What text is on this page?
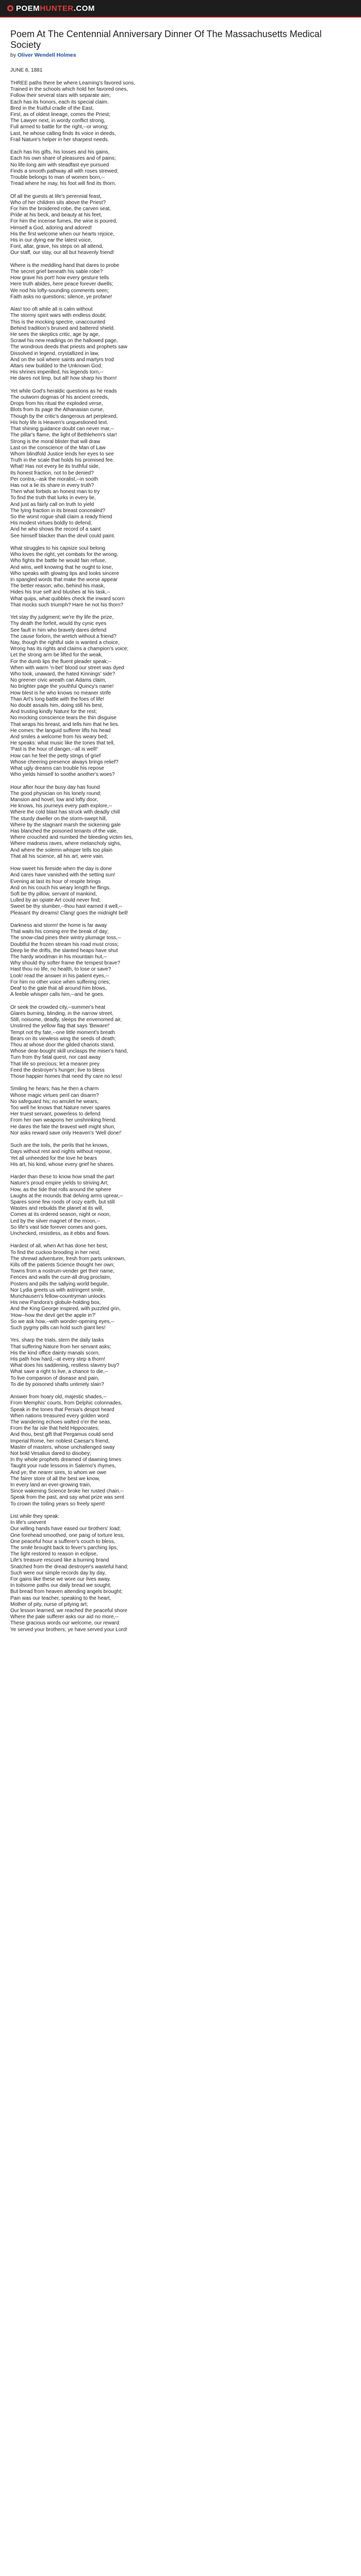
POEMHUNTER.COM
Poem At The Centennial Anniversary Dinner Of The Massachusetts Medical Society
by Oliver Wendell Holmes
JUNE 8, 1881
THREE paths there be where Learning's favored sons,
Trained in the schools which hold her favored ones,
Follow their several stars with separate aim;
Each has its honors, each its special claim.
Bred in the fruitful cradle of the East,
First, as of oldest lineage, comes the Priest;
The Lawyer next, in wordy conflict strong,
Full armed to battle for the right,--or wrong;
Last, he whose calling finds its voice in deeds,
Frail Nature's helper in her sharpest needs.
Each has his gifts, his losses and his gains,
Each his own share of pleasures and of pains;
No life-long aim with steadfast eye pursued
Finds a smooth pathway all with roses strewed;
Trouble belongs to man of women born,--
Tread where he may, his foot will find its thorn.
Of all the guests at life's perennial feast,
Who of her children sits above the Priest?
For him the broidered robe, the carven seat,
Pride at his beck, and beauty at his feet,
For him the incense fumes, the wine is poured,
Himself a God, adoring and adored!
His the first welcome when our hearts rejoice,
His in our dying ear the latest voice,
Font, altar, grave, his steps on all attend,
Our staff, our stay, our all but heavenly friend!
Where is the meddling hand that dares to probe
The secret grief beneath his sable robe?
How grave his port! how every gesture tells
Here truth abides, here peace forever dwells;
We nod his lofty-sounding comments seen;
Faith asks no questions; silence, ye profane!
Alas! too oft while all is calm without
The stormy spirit wars with endless doubt;
This is the mocking spectre, unaccounted
Behind tradition's bruised and battered shield.
He sees the skeptics critic, age by age,
Scrawl his new readings on the hallowed page,
The wondrous deeds that priests and prophets saw
Dissolved in legend, crystallized in law,
And on the soil where saints and martyrs trod
Altars new builded to the Unknown God;
His shrines imperilled, his legends torn,--
He dares not limp, but all! how sharp his thorn!
Yet while God's heraldic questions as he reads
The outworn dogmas of his ancient creeds,
Drops from his ritual the exploded verse,
Blots from its page the Athanasian curse,
Though by the critic's dangerous art perplexed,
His holy life is Heaven's unquestioned text.
That shining guidance doubt can never mar,--
The pillar's flame, the light of Bethlehem's star!
Strong is the moral blister that will draw
Last on the conscience of the Man of Law
Whom blindfold Justice lends her eyes to see
Truth in the scale that holds his promised fee.
What! Has not every lie its truthful side,
Its honest fraction, not to be denied?
Per contra,--ask the moralist,--in sooth
Has not a lie its share in every truth?
Then what forbids an honest man to try
To find the truth that lurks in every lie,
And just as fairly call on truth to yield
The lying fraction in its breast concealed?
So the worst rogue shall claim a ready friend
His modest virtues boldly to defend,
And he who shows the record of a saint
See himself blacker than the devil could paint.
What struggles to his capsize soul belong
Who loves the right, yet combats for the wrong,
Who fights the battle he would fain refuse,
And wins, well knowing that he ought to lose,
Who speaks with glowing lips and looks sincere
In spangled words that make the worse appear
The better reason; who, behind his mask,
Hides his true self and blushes at his task,--
What quips, what quibbles check the inward scorn
That mocks such triumph? Hare he not his thorn?
Yet stay thy judgment; we're thy life the prize,
Thy death the forfeit, would thy cynic eyes
See fault in him who bravely dares defend
The cause forlorn, the wretch without a friend?
Nay, though the rightful side is wanted a choice,
Wrong has its rights and claims a champion's voice;
Let the strong arm be lifted for the weak,
For the dumb lips the fluent pleader speak;--
When with warm 'n-bet' blood our street was dyed
Who took, unaward, the hated Kinnings' side?
No greener civic wreath can Adams claim,
No brighter page the youthful Quincy's name!
How blest is he who knows no meaner strife
Than Art's long battle with the foes of life!
No doubt assails him, doing still his best,
And trusting kindly Nature for the rest;
No mocking conscience tears the thin disguise
That wraps his breast, and tells him that he lies.
He comes: the languid sufferer lifts his head
And smiles a welcome from his weary bed;
He speaks: what music like the tones that tell,
'Past is the hour of danger,--all is well!'
How can he feel the petty stings of grief
Whose cheering presence always brings relief?
What ugly dreams can trouble his repose
Who yields himself to soothe another's woes?
Hour after hour the busy day has found
The good physician on his lonely round;
Mansion and hovel, low and lofty door,
He knows, his journeys every path explore,--
Where the cold blast has struck with deadly chill
The sturdy dweller on the storm-swept hill,
Where by the stagnant marsh the sickening gale
Has blanched the poisoned tenants of the vale,
Where crouched and numbed the bleeding victim lies,
Where madness raves, where melancholy sighs,
And where the solemn whisper tells too plain
That all his science, all his art, were vain.
How sweet his fireside when the day is done
And cares have vanished with the setting sun!
Evening at last its hour of respite brings
And on his couch his weary length he flings.
Soft be thy pillow, servant of mankind,
Lulled by an opiate Art could never find;
Sweet be thy slumber,--thou hast earned it well,--
Pleasant thy dreams! Clang! goes the midnight bell!
Darkness and storm! the home is far away
That waits his coming ere the break of day;
The snow-clad pines their wintry plumage toss,--
Doubtful the frozen stream his road must cross;
Deep lie the drifts, the slanted heaps have shut
The hardy woodman in his mountain hut,--
Why should thy softer frame the tempest brave?
Hast thou no life, no health, to lose or save?
Look! read the answer in his patient eyes,--
For him no other voice when suffering cries;
Deaf to the gale that all around him blows,
A feeble whisper calls him,--and he goes.
Or seek the crowded city,--summer's heat
Glares burning, blinding, in the narrow street,
Still, noisome, deadly, sleeps the envenomed air,
Unstirred the yellow flag that says 'Beware!'
Tempt not thy fate,--one little moment's breath
Bears on its viewless wing the seeds of death;
Thou at whose door the gilded chariots stand,
Whose dear-bought skill unclasps the miser's hand,
Turn from thy fatal quest, nor cast away
That life so precious; let a meaner prey
Feed the destroyer's hunger; live to bless
Those happier homes that need thy care no less!
Smiling he hears; has he then a charm
Whose magic virtues peril can disarm?
No safeguard his; no amulet he wears,
Too well he knows that Nature never spares
Her truest servant, powerless to defend
From her own weapons her unshrinking friend.
He dares the fate the bravest well might shun,
Nor asks reward save only Heaven's 'Well done!'
Such are the toils, the perils that he knows,
Days without rest and nights without repose,
Yet all unheeded for the love he bears
His art, his kind, whose every grief he shares.
Harder than these to know how small the part
Nature's proud empire yields to striving Art;
How, as the tide that rolls around the sphere
Laughs at the mounds that delving arms uprear,--
Spares some few roods of oozy earth, but still
Wastes and rebuilds the planet at its will,
Comes at its ordered season, night or noon,
Led by the silver magnet of the moon,--
So life's vast tide forever comes and goes,
Unchecked, resistless, as it ebbs and flows.
Hardest of all, when Art has done her best,
To find the cuckoo brooding in her nest;
The shrewd adventurer, fresh from parts unknown,
Kills off the patients Science thought her own;
Towns from a nostrum-vender get their name,
Fences and walls the cure-all drug proclaim,
Posters and pills the sallying world beguile,
Nor Lydia greets us with astringent smile,
Munchausen's fellow-countryman unlocks
His new Pandora's globule-holding box,
And the King George inspired, with puzzled grin,
'How--how the devil get the apple in?'
So we ask how,--with wonder-opening eyes,--
Such pygmy pills can hold such giant lies!
Yes, sharp the trials, stern the daily tasks
That suffering Nature from her servant asks;
His the kind office dainty manals scorn,
His path how hard,--at every step a thorn!
What does his saddening, restless slavery buy?
What save a right to live, a chance to die,--
To live companion of disease and pain,
To die by poisoned shafts untimely slain?
Answer from hoary old, majestic shades,--
From Memphis' courts, from Delphic colonnades,
Speak in the tones that Persia's despot heard
When nations treasured every golden word
The wandering echoes wafted o'er the seas,
From the far isle that held Hippocrates;
And thou, best gift that Pergamus could send
Imperial Rome, her noblest Caesar's friend,
Master of masters, whose unchallenged sway
Not bold Vesalius dared to disobey;
In thy whole prophets dreamed of dawning times
Taught your rude lessons in Salerno's rhymes,
And ye, the nearer sires, to whom we owe
The fairer store of all the best we know,
In every land an ever-growing train,
Since wakening Science broke her rusted chain,--
Speak from the past, and say what prize was sent
To crown the toiling years so freely spent!
List while they speak:
In life's unevent
Our willing hands have eased our brothers' load;
One forehead smoothed, one pang of torture less,
One peaceful hour a sufferer's couch to bless,
The smile brought back to fever's parching lips,
The light restored to reason in eclipse,
Life's treasure rescued like a burning brand
Snatched from the dread destroyer's wasteful hand;
Such were our simple records day by day,
For gains like these we wore our lives away.
In toilsome paths our daily bread we sought,
But bread from heaven attending angels brought;
Pain was our teacher, speaking to the heart,
Mother of pity, nurse of pitying art;
Our lesson learned, we reached the peaceful shore
Where the pale sufferer asks our aid no more,--
These gracious words our welcome, our reward:
Ye served your brothers; ye have served your Lord!
